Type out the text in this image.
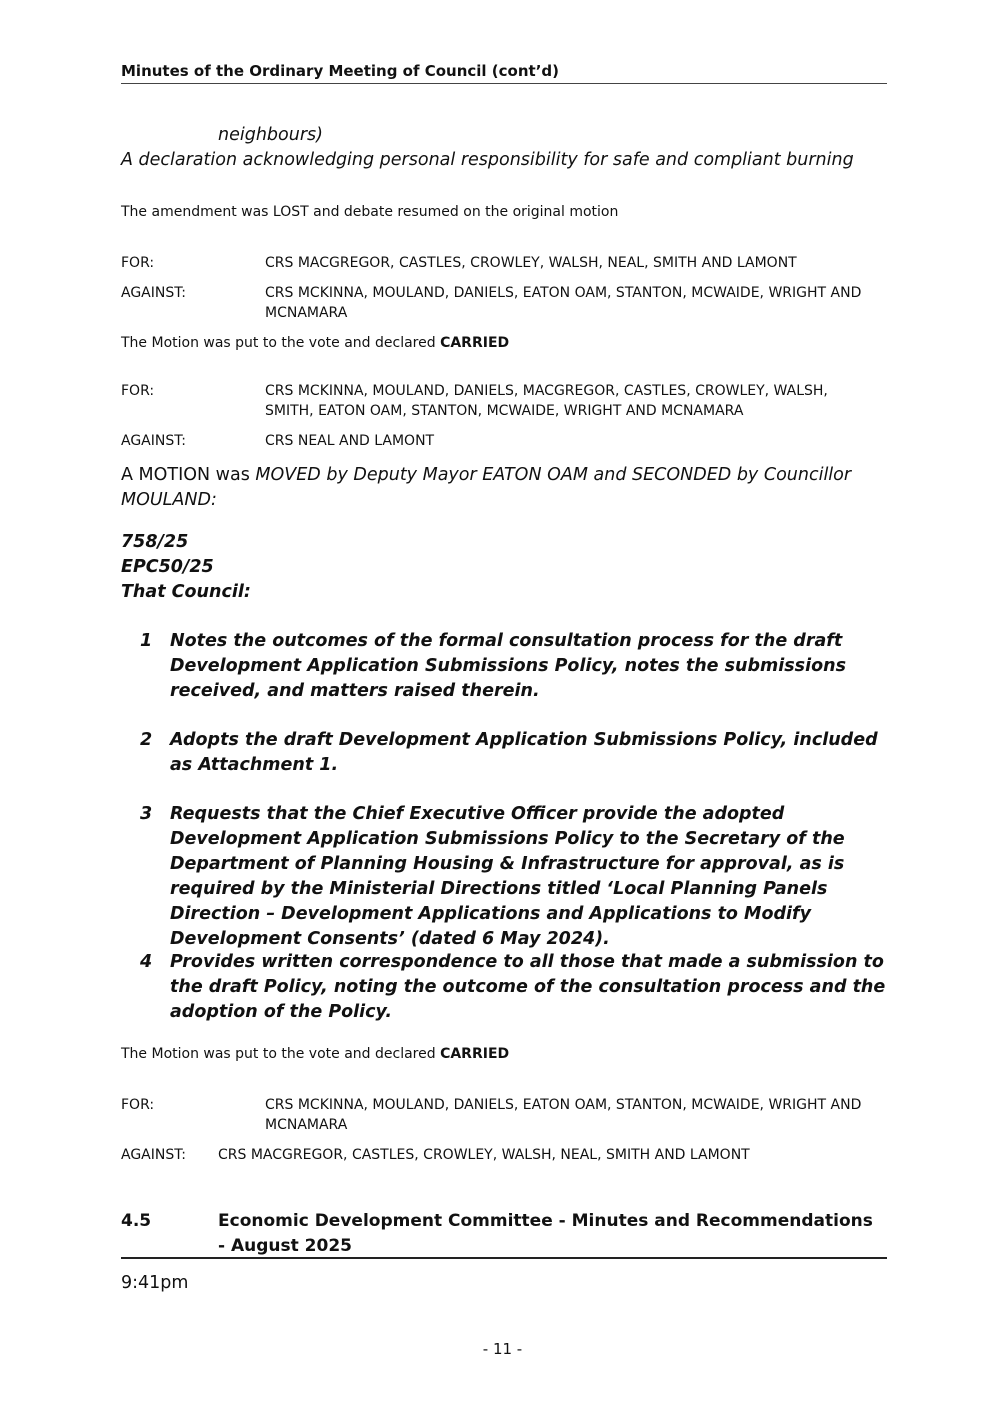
Minutes of the Ordinary Meeting of Council (cont’d)
neighbours)
A declaration acknowledging personal responsibility for safe and compliant burning
The amendment was LOST and debate resumed on the original motion
FOR:	CRS MACGREGOR, CASTLES, CROWLEY, WALSH, NEAL, SMITH AND LAMONT
AGAINST:	CRS MCKINNA, MOULAND, DANIELS, EATON OAM, STANTON, MCWAIDE, WRIGHT AND MCNAMARA
The Motion was put to the vote and declared CARRIED
FOR:	CRS MCKINNA, MOULAND, DANIELS, MACGREGOR, CASTLES, CROWLEY, WALSH, SMITH, EATON OAM, STANTON, MCWAIDE, WRIGHT AND MCNAMARA
AGAINST:	CRS NEAL AND LAMONT
A MOTION was MOVED by Deputy Mayor EATON OAM and SECONDED by Councillor MOULAND:
758/25
EPC50/25
That Council:
1	Notes the outcomes of the formal consultation process for the draft Development Application Submissions Policy, notes the submissions received, and matters raised therein.
2	Adopts the draft Development Application Submissions Policy, included as Attachment 1.
3	Requests that the Chief Executive Officer provide the adopted Development Application Submissions Policy to the Secretary of the Department of Planning Housing & Infrastructure for approval, as is required by the Ministerial Directions titled ‘Local Planning Panels Direction – Development Applications and Applications to Modify Development Consents’ (dated 6 May 2024).
4	Provides written correspondence to all those that made a submission to the draft Policy, noting the outcome of the consultation process and the adoption of the Policy.
The Motion was put to the vote and declared CARRIED
FOR:	CRS MCKINNA, MOULAND, DANIELS, EATON OAM, STANTON, MCWAIDE, WRIGHT AND MCNAMARA
AGAINST: CRS MACGREGOR, CASTLES, CROWLEY, WALSH, NEAL, SMITH AND LAMONT
4.5	Economic Development Committee - Minutes and Recommendations - August 2025
9:41pm
- 11 -
